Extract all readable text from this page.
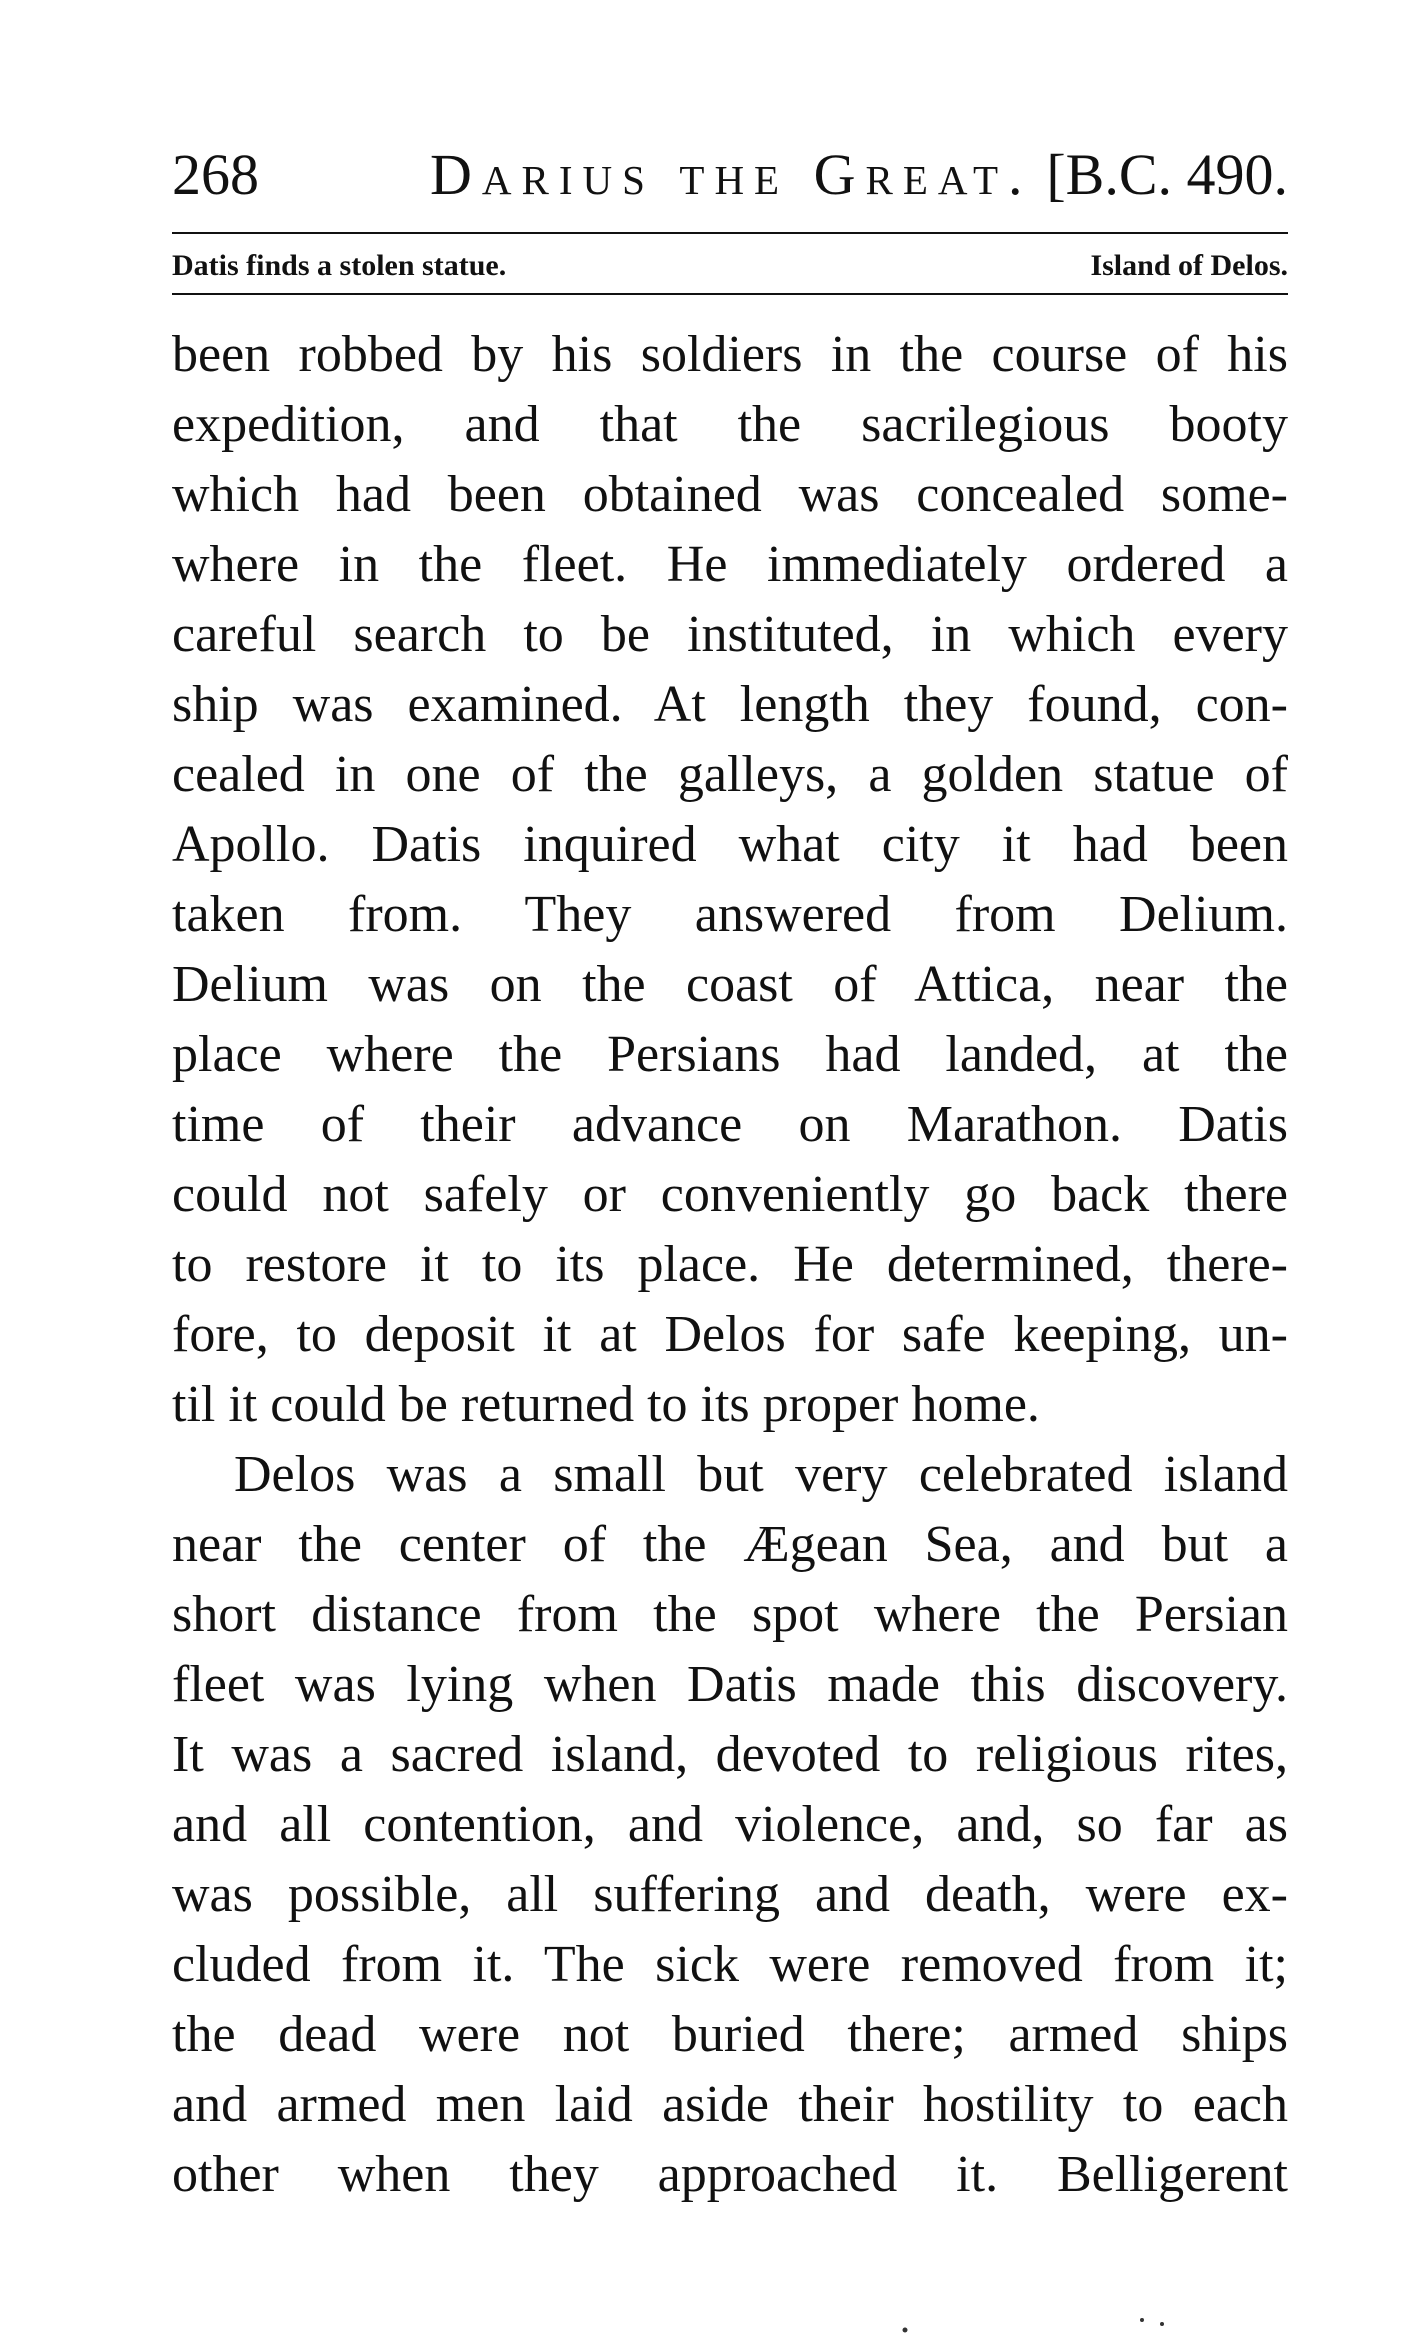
268	Darius the Great. [B.C. 490.
Datis finds a stolen statue.	Island of Delos.
been robbed by his soldiers in the course of his
expedition, and that the sacrilegious booty
which had been obtained was concealed some-
where in the fleet. He immediately ordered a
careful search to be instituted, in which every
ship was examined. At length they found, con-
cealed in one of the galleys, a golden statue of
Apollo. Datis inquired what city it had been
taken from. They answered from Delium.
Delium was on the coast of Attica, near the
place where the Persians had landed, at the
time of their advance on Marathon. Datis
could not safely or conveniently go back there
to restore it to its place. He determined, there-
fore, to deposit it at Delos for safe keeping, un-
til it could be returned to its proper home.
Delos was a small but very celebrated island
near the center of the Ægean Sea, and but a
short distance from the spot where the Persian
fleet was lying when Datis made this discovery.
It was a sacred island, devoted to religious rites,
and all contention, and violence, and, so far as
was possible, all suffering and death, were ex-
cluded from it. The sick were removed from it;
the dead were not buried there; armed ships
and armed men laid aside their hostility to each
other when they approached it. Belligerent
